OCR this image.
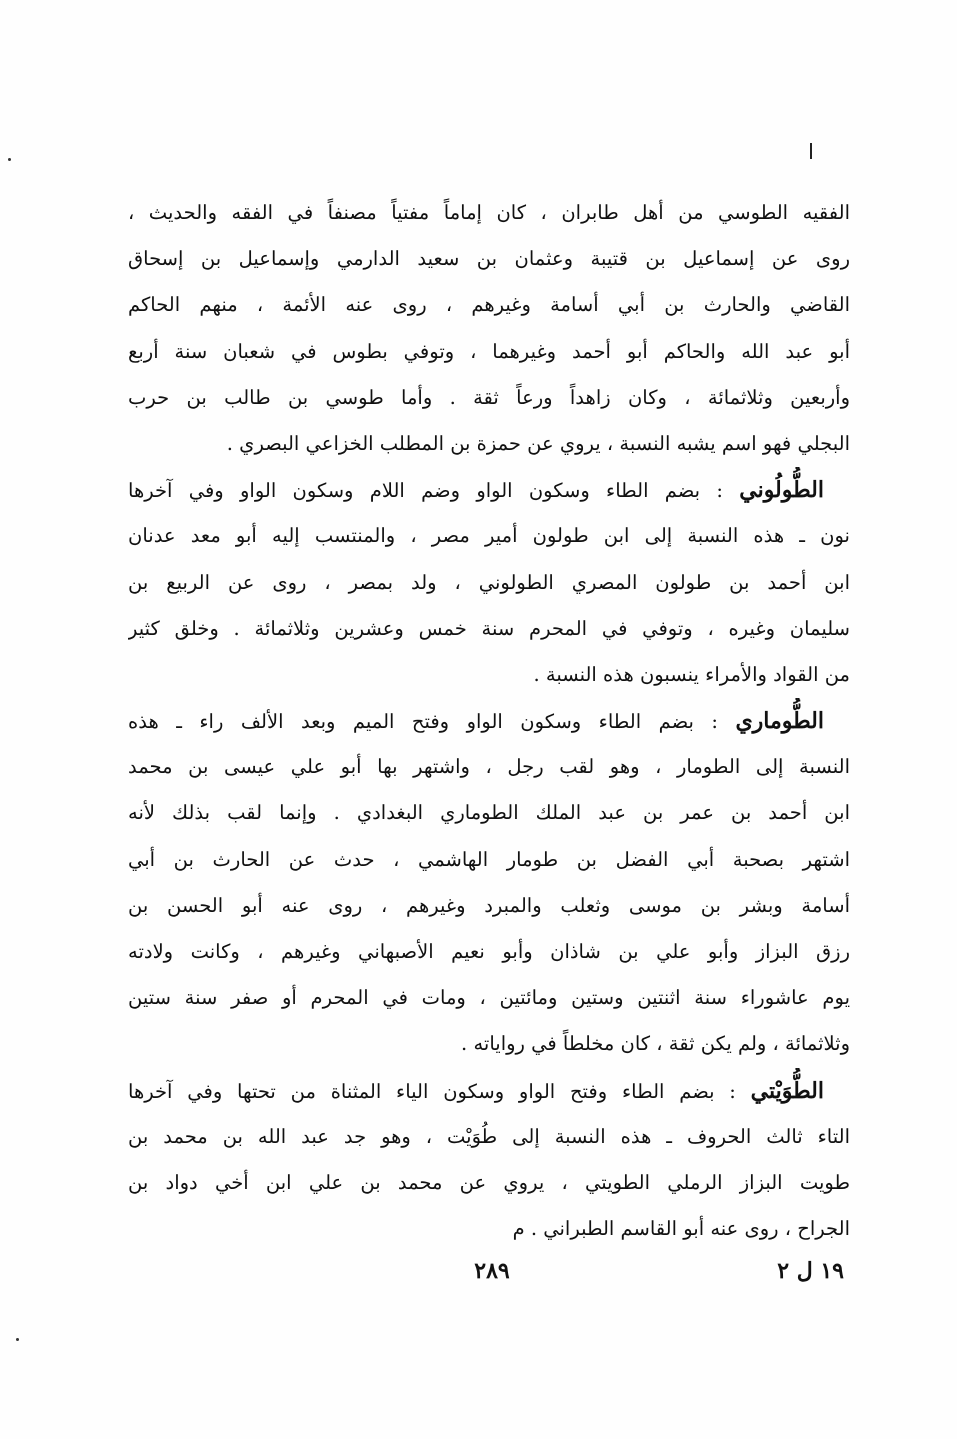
الفقيه الطوسي من أهل طابران ، كان إماماً مفتياً مصنفاً في الفقه والحديث ،
روى عن إسماعيل بن قتيبة وعثمان بن سعيد الدارمي وإسماعيل بن إسحاق
القاضي والحارث بن أبي أسامة وغيرهم ، روى عنه الأئمة ، منهم الحاكم
أبو عبد الله والحاكم أبو أحمد وغيرهما ، وتوفي بطوس في شعبان سنة أربع
وأربعين وثلاثمائة ، وكان زاهداً ورعاً ثقة . وأما طوسي بن طالب بن حرب
البجلي فهو اسم يشبه النسبة ، يروي عن حمزة بن المطلب الخزاعي البصري .
الطُّولُوني : بضم الطاء وسكون الواو وضم اللام وسكون الواو وفي آخرها
نون ـ هذه النسبة إلى ابن طولون أمير مصر ، والمنتسب إليه أبو معد عدنان
ابن أحمد بن طولون المصري الطولوني ، ولد بمصر ، روى عن الربيع بن
سليمان وغيره ، وتوفي في المحرم سنة خمس وعشرين وثلاثمائة . وخلق كثير
من القواد والأمراء ينسبون هذه النسبة .
الطُّوماري : بضم الطاء وسكون الواو وفتح الميم وبعد الألف راء ـ هذه
النسبة إلى الطومار ، وهو لقب رجل ، واشتهر بها أبو علي عيسى بن محمد
ابن أحمد بن عمر بن عبد الملك الطوماري البغدادي . وإنما لقب بذلك لأنه
اشتهر بصحبة أبي الفضل بن طومار الهاشمي ، حدث عن الحارث بن أبي
أسامة وبشر بن موسى وثعلب والمبرد وغيرهم ، روى عنه أبو الحسن بن
رزق البزاز وأبو علي بن شاذان وأبو نعيم الأصبهاني وغيرهم ، وكانت ولادته
يوم عاشوراء سنة اثنتين وستين ومائتين ، ومات في المحرم أو صفر سنة ستين
وثلاثمائة ، ولم يكن ثقة ، كان مخلطاً في رواياته .
الطُّوَيْتي : بضم الطاء وفتح الواو وسكون الياء المثناة من تحتها وفي آخرها
التاء ثالث الحروف ـ هذه النسبة إلى طُوَيْت ، وهو جد عبد الله بن محمد بن
طويت البزاز الرملي الطويتي ، يروي عن محمد بن علي ابن أخي دواد بن
الجراح ، روى عنه أبو القاسم الطبراني . م
١٩ ل ٢
٢٨٩
